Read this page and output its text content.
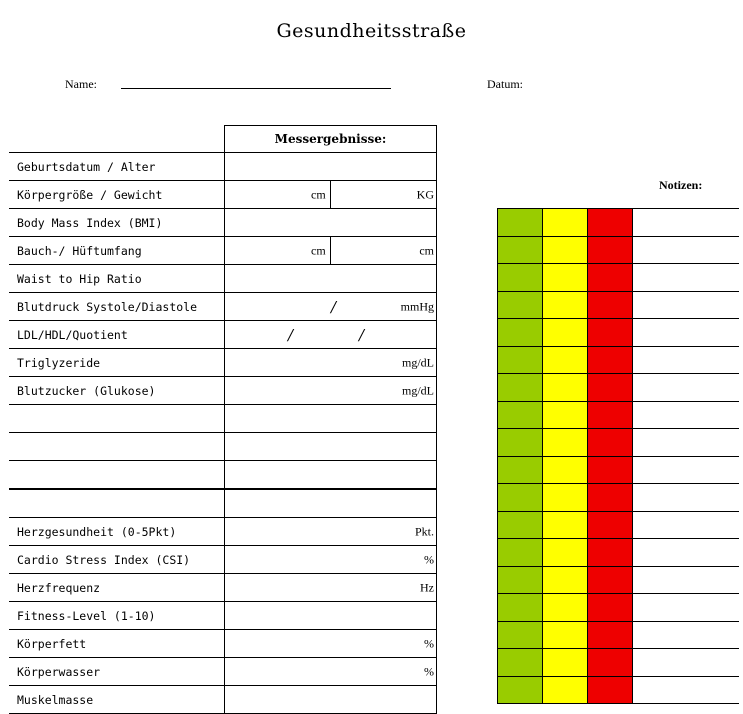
Gesundheitsstraße
Name:	Datum:
	Messergebnisse:
Geburtsdatum / Alter	
Körpergröße / Gewicht	cm KG

Body Mass Index (BMI)	
Bauch-/ Hüftumfang	cm cm

Waist to Hip Ratio	
Blutdruck Systole/Diastole	/ mmHg

LDL/HDL/Quotient	/ /

Triglyzeride	mg/dL

Blutzucker (Glukose)	mg/dL

Herzgesundheit (0-5Pkt)	Pkt.

Cardio Stress Index (CSI)	%

Herzfrequenz	Hz

Fitness-Level (1-10)	
Körperfett	%

Körperwasser	%

Muskelmasse	
Notizen:
